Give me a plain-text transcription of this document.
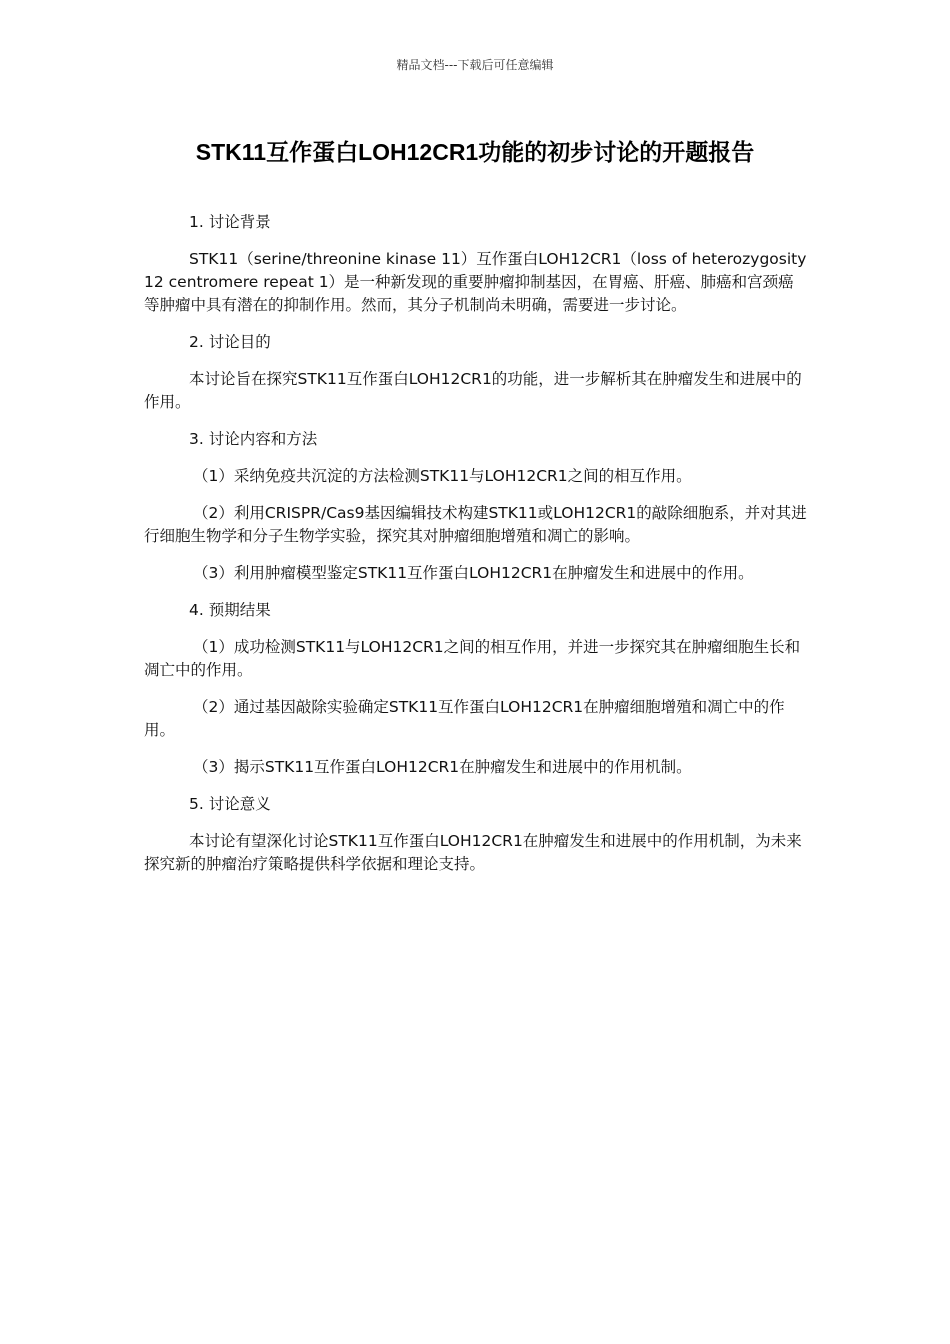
精品文档---下载后可任意编辑
STK11互作蛋白LOH12CR1功能的初步讨论的开题报告

1. 讨论背景

STK11（serine/threonine kinase 11）互作蛋白LOH12CR1（loss of heterozygosity 12 centromere repeat 1）是一种新发现的重要肿瘤抑制基因，在胃癌、肝癌、肺癌和宫颈癌等肿瘤中具有潜在的抑制作用。然而，其分子机制尚未明确，需要进一步讨论。

2. 讨论目的

本讨论旨在探究STK11互作蛋白LOH12CR1的功能，进一步解析其在肿瘤发生和进展中的作用。

3. 讨论内容和方法

（1）采纳免疫共沉淀的方法检测STK11与LOH12CR1之间的相互作用。

（2）利用CRISPR/Cas9基因编辑技术构建STK11或LOH12CR1的敲除细胞系，并对其进行细胞生物学和分子生物学实验，探究其对肿瘤细胞增殖和凋亡的影响。

（3）利用肿瘤模型鉴定STK11互作蛋白LOH12CR1在肿瘤发生和进展中的作用。

4. 预期结果

（1）成功检测STK11与LOH12CR1之间的相互作用，并进一步探究其在肿瘤细胞生长和凋亡中的作用。

（2）通过基因敲除实验确定STK11互作蛋白LOH12CR1在肿瘤细胞增殖和凋亡中的作用。

（3）揭示STK11互作蛋白LOH12CR1在肿瘤发生和进展中的作用机制。

5. 讨论意义

本讨论有望深化讨论STK11互作蛋白LOH12CR1在肿瘤发生和进展中的作用机制，为未来探究新的肿瘤治疗策略提供科学依据和理论支持。
